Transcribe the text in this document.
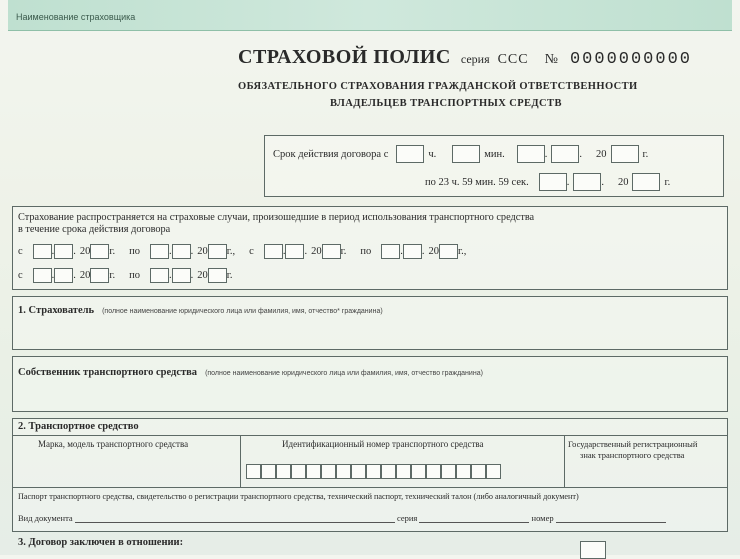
Наименование страховщика
СТРАХОВОЙ ПОЛИС серия ССС № 0000000000
ОБЯЗАТЕЛЬНОГО СТРАХОВАНИЯ ГРАЖДАНСКОЙ ОТВЕТСТВЕННОСТИ
ВЛАДЕЛЬЦЕВ ТРАНСПОРТНЫХ СРЕДСТВ
Срок действия договора с	ч.	мин.	.	. 20	г.
по 23 ч. 59 мин. 59 сек.	.	. 20	г.
Страхование распространяется на страховые случаи, произошедшие в период использования транспортного средства
в течение срока действия договора
с	. . 20 г. по	. . 20 г., с	. . 20 г. по	. . 20 г.,
с	. . 20 г. по	. . 20 г.
1. Страхователь (полное наименование юридического лица или фамилия, имя, отчество* гражданина)
Собственник транспортного средства (полное наименование юридического лица или фамилия, имя, отчество гражданина)
2. Транспортное средство
Марка, модель транспортного средства	Идентификационный номер транспортного средства	Государственный регистрационный
знак транспортного средства
Паспорт транспортного средства, свидетельство о регистрации транспортного средства, технический паспорт, технический талон (либо аналогичный документ)
Вид документа	серия	номер
3. Договор заключен в отношении:
